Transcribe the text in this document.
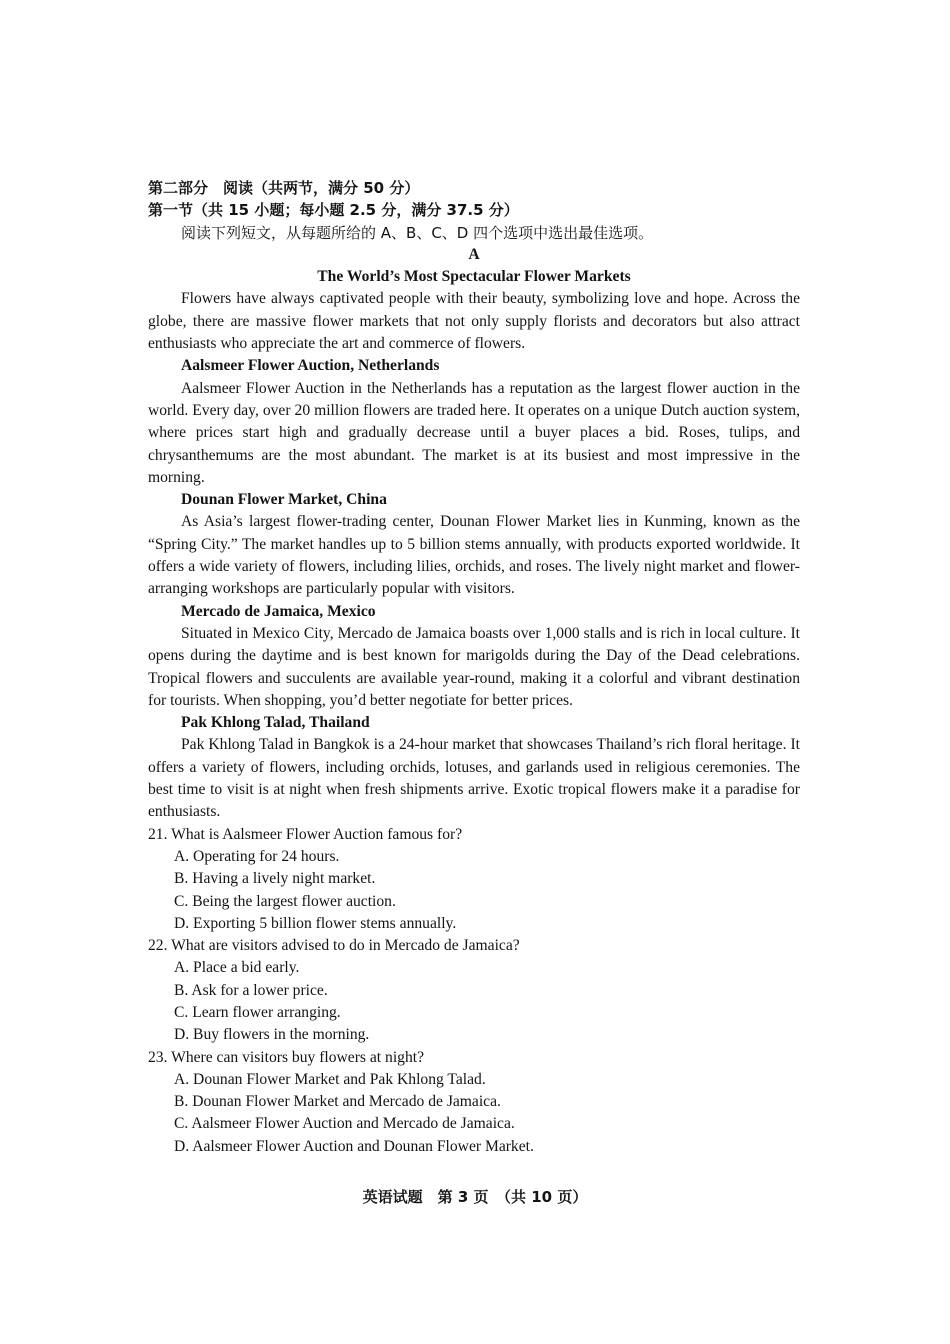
第二部分　阅读（共两节，满分 50 分）

第一节（共 15 小题；每小题 2.5 分，满分 37.5 分）

阅读下列短文，从每题所给的 A、B、C、D 四个选项中选出最佳选项。

A

The World’s Most Spectacular Flower Markets

Flowers have always captivated people with their beauty, symbolizing love and hope. Across the globe, there are massive flower markets that not only supply florists and decorators but also attract enthusiasts who appreciate the art and commerce of flowers.

Aalsmeer Flower Auction, Netherlands

Aalsmeer Flower Auction in the Netherlands has a reputation as the largest flower auction in the world. Every day, over 20 million flowers are traded here. It operates on a unique Dutch auction system, where prices start high and gradually decrease until a buyer places a bid. Roses, tulips, and chrysanthemums are the most abundant. The market is at its busiest and most impressive in the morning.

Dounan Flower Market, China

As Asia’s largest flower-trading center, Dounan Flower Market lies in Kunming, known as the “Spring City.” The market handles up to 5 billion stems annually, with products exported worldwide. It offers a wide variety of flowers, including lilies, orchids, and roses. The lively night market and flower-arranging workshops are particularly popular with visitors.

Mercado de Jamaica, Mexico

Situated in Mexico City, Mercado de Jamaica boasts over 1,000 stalls and is rich in local culture. It opens during the daytime and is best known for marigolds during the Day of the Dead celebrations. Tropical flowers and succulents are available year-round, making it a colorful and vibrant destination for tourists. When shopping, you’d better negotiate for better prices.

Pak Khlong Talad, Thailand

Pak Khlong Talad in Bangkok is a 24-hour market that showcases Thailand’s rich floral heritage. It offers a variety of flowers, including orchids, lotuses, and garlands used in religious ceremonies. The best time to visit is at night when fresh shipments arrive. Exotic tropical flowers make it a paradise for enthusiasts.

21. What is Aalsmeer Flower Auction famous for?

A. Operating for 24 hours.

B. Having a lively night market.

C. Being the largest flower auction.

D. Exporting 5 billion flower stems annually.

22. What are visitors advised to do in Mercado de Jamaica?

A. Place a bid early.

B. Ask for a lower price.

C. Learn flower arranging.

D. Buy flowers in the morning.

23. Where can visitors buy flowers at night?

A. Dounan Flower Market and Pak Khlong Talad.

B. Dounan Flower Market and Mercado de Jamaica.

C. Aalsmeer Flower Auction and Mercado de Jamaica.

D. Aalsmeer Flower Auction and Dounan Flower Market.

英语试题　第 3 页　（共 10 页）
